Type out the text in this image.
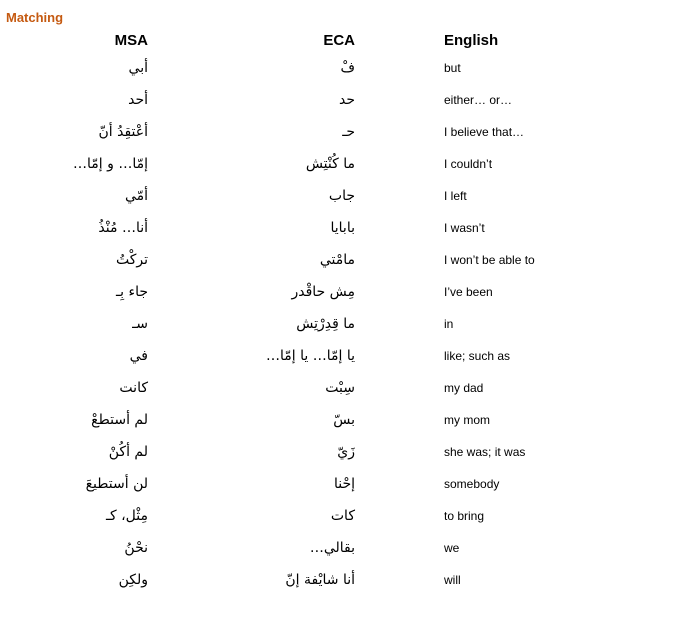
Matching
MSA	ECA	English
أبي	فْ	but
أحد	حد	either… or…
أعْتقِدُ أنّ	حـ	I believe that…
إمّا… و إمّا…	ما كُنْتِش	I couldn’t
أمّي	جاب	I left
أنا… مُنْذُ	بابايا	I wasn’t
تركْتُ	مامْتي	I won’t be able to
جاء بِـ	مِش حاقْدر	I’ve been
سـ	ما قِدِرْتِش	in
في	يا إمّا… يا إمّا…	like; such as
كانت	سِبْت	my dad
لم أستطعْ	بسّ	my mom
لم أكُنْ	زَيّ	she was; it was
لن أستطيعَ	إحْنا	somebody
مِثْل، كـ	كات	to bring
نحْنُ	بقالي…	we
ولكِن	أنا شايْفة إنّ	will
